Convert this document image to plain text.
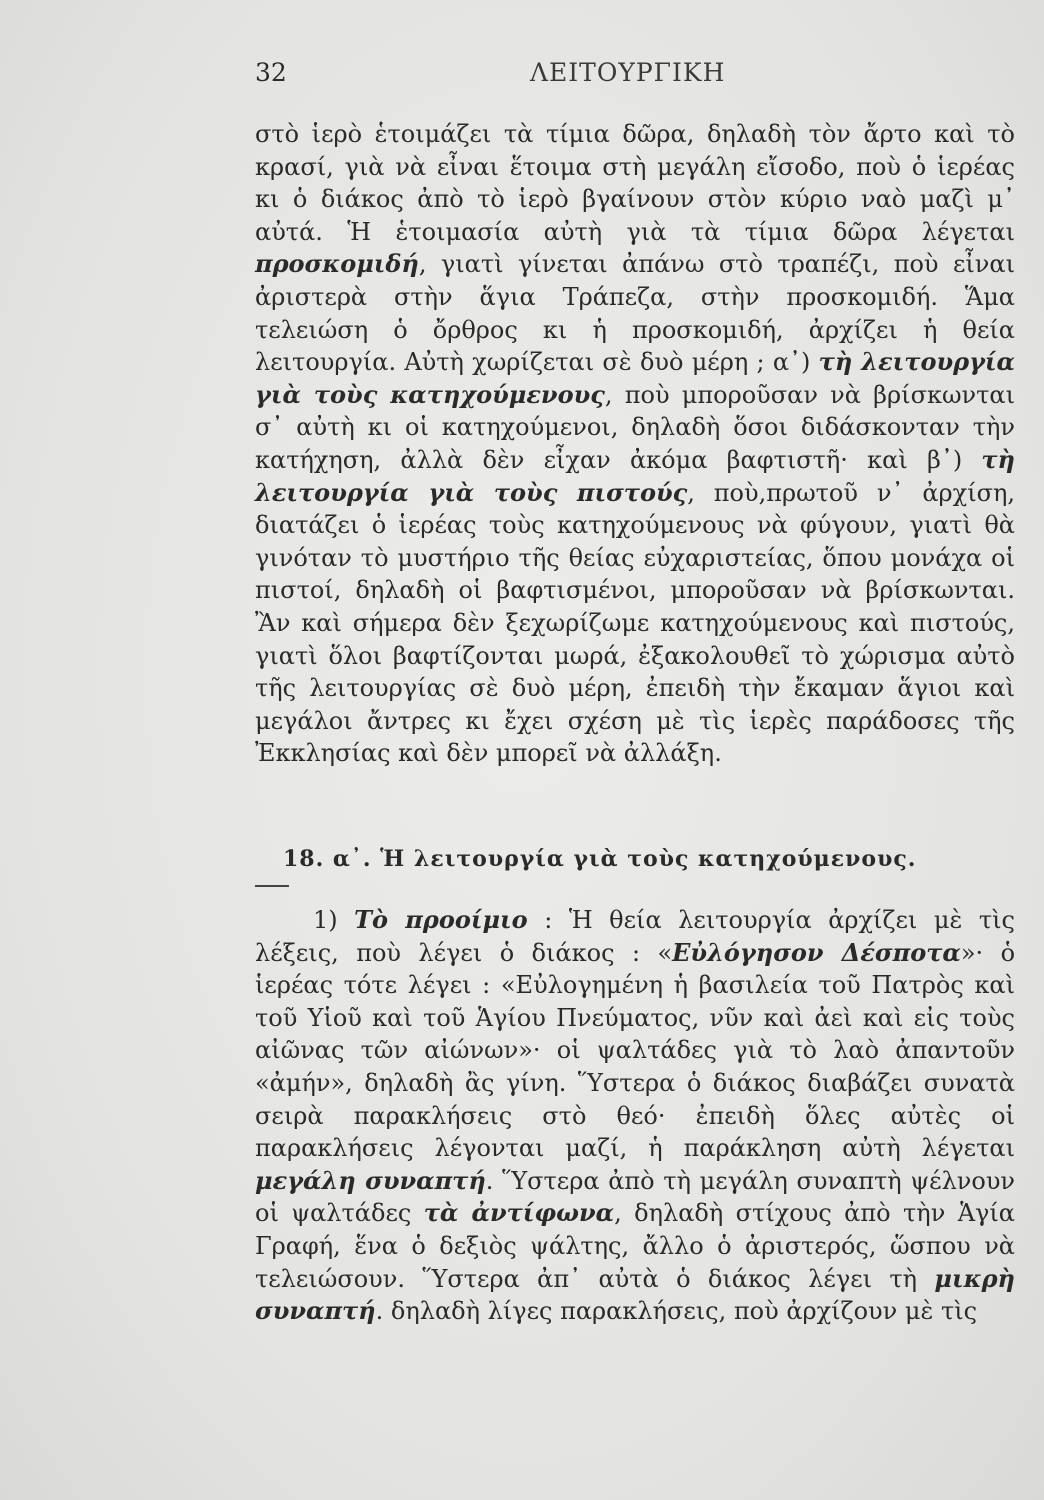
32	ΛΕΙΤΟΥΡΓΙΚΗ

στὸ ἱερὸ ἑτοιμάζει τὰ τίμια δῶρα, δηλαδὴ τὸν ἄρτο καὶ τὸ κρασί, γιὰ νὰ εἶναι ἕτοιμα στὴ μεγάλη εἴσοδο, ποὺ ὁ ἱερέας κι ὁ διάκος ἀπὸ τὸ ἱερὸ βγαίνουν στὸν κύριο ναὸ μαζὶ μ᾽ αὐτά. Ἡ ἑτοιμασία αὐτὴ γιὰ τὰ τίμια δῶρα λέγεται προσκομιδή, γιατὶ γίνεται ἀπάνω στὸ τραπέζι, ποὺ εἶναι ἀριστερὰ στὴν ἅγια Τράπεζα, στὴν προσκομιδή. Ἅμα τελειώση ὁ ὄρθρος κι ἡ προσκομιδή, ἀρχίζει ἡ θεία λειτουργία. Αὐτὴ χωρίζεται σὲ δυὸ μέρη ; α᾽) τὴ λειτουργία γιὰ τοὺς κατηχούμενους, ποὺ μποροῦσαν νὰ βρίσκωνται σ᾽ αὐτὴ κι οἱ κατηχούμενοι, δηλαδὴ ὅσοι διδάσκονταν τὴν κατήχηση, ἀλλὰ δὲν εἶχαν ἀκόμα βαφτιστῆ· καὶ β᾽) τὴ λειτουργία γιὰ τοὺς πιστούς, ποὺ,πρωτοῦ ν᾽ ἀρχίση, διατάζει ὁ ἱερέας τοὺς κατηχούμενους νὰ φύγουν, γιατὶ θὰ γινόταν τὸ μυστήριο τῆς θείας εὐχαριστείας, ὅπου μονάχα οἱ πιστοί, δηλαδὴ οἱ βαφτισμένοι, μποροῦσαν νὰ βρίσκωνται. Ἂν καὶ σήμερα δὲν ξεχωρίζωμε κατηχούμενους καὶ πιστούς, γιατὶ ὅλοι βαφτίζονται μωρά, ἐξακολουθεῖ τὸ χώρισμα αὐτὸ τῆς λειτουργίας σὲ δυὸ μέρη, ἐπειδὴ τὴν ἔκαμαν ἅγιοι καὶ μεγάλοι ἄντρες κι ἔχει σχέση μὲ τὶς ἱερὲς παράδοσες τῆς Ἐκκλησίας καὶ δὲν μπορεῖ νὰ ἀλλάξη.

18. α᾽. Ἡ λειτουργία γιὰ τοὺς κατηχούμενους.

1) Τὸ προοίμιο : Ἡ θεία λειτουργία ἀρχίζει μὲ τὶς λέξεις, ποὺ λέγει ὁ διάκος : «Εὐλόγησον Δέσποτα»· ὁ ἱερέας τότε λέγει : «Εὐλογημένη ἡ βασιλεία τοῦ Πατρὸς καὶ τοῦ Υἱοῦ καὶ τοῦ Ἁγίου Πνεύματος, νῦν καὶ ἀεὶ καὶ εἰς τοὺς αἰῶνας τῶν αἰώνων»· οἱ ψαλτάδες γιὰ τὸ λαὸ ἀπαντοῦν «ἀμήν», δηλαδὴ ἂς γίνη. Ὕστερα ὁ διάκος διαβάζει συνατὰ σειρὰ παρακλήσεις στὸ θεό· ἐπειδὴ ὅλες αὐτὲς οἱ παρακλήσεις λέγονται μαζί, ἡ παράκληση αὐτὴ λέγεται μεγάλη συναπτή. Ὕστερα ἀπὸ τὴ μεγάλη συναπτὴ ψέλνουν οἱ ψαλτάδες τὰ ἀντίφωνα, δηλαδὴ στίχους ἀπὸ τὴν Ἁγία Γραφή, ἕνα ὁ δεξιὸς ψάλτης, ἄλλο ὁ ἀριστερός, ὥσπου νὰ τελειώσουν. Ὕστερα ἀπ᾽ αὐτὰ ὁ διάκος λέγει τὴ μικρὴ συναπτή. δηλαδὴ λίγες παρακλήσεις, ποὺ ἀρχίζουν μὲ τὶς
